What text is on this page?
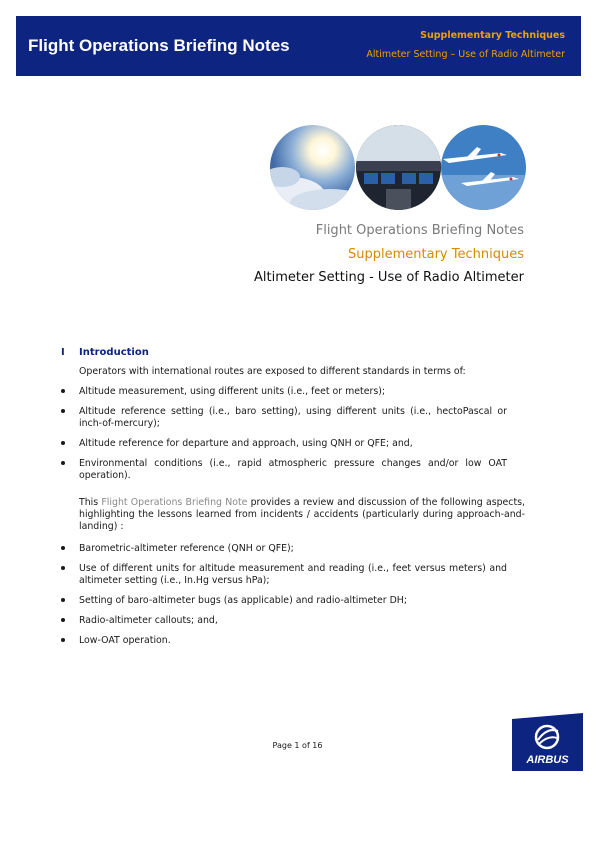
Flight Operations Briefing Notes
Supplementary Techniques
Altimeter Setting – Use of Radio Altimeter
Flight Operations Briefing Notes
Supplementary Techniques
Altimeter Setting - Use of Radio Altimeter
I Introduction

Operators with international routes are exposed to different standards in terms of:

Altitude measurement, using different units (i.e., feet or meters);
Altitude reference setting (i.e., baro setting), using different units (i.e., hectoPascal or inch-of-mercury);
Altitude reference for departure and approach, using QNH or QFE; and,
Environmental conditions (i.e., rapid atmospheric pressure changes and/or low OAT operation).

This Flight Operations Briefing Note provides a review and discussion of the following aspects, highlighting the lessons learned from incidents / accidents (particularly during approach-and-landing) :

Barometric-altimeter reference (QNH or QFE);
Use of different units for altitude measurement and reading (i.e., feet versus meters) and altimeter setting (i.e., In.Hg versus hPa);
Setting of baro-altimeter bugs (as applicable) and radio-altimeter DH;
Radio-altimeter callouts; and,
Low-OAT operation.
Page 1 of 16
AIRBUS
